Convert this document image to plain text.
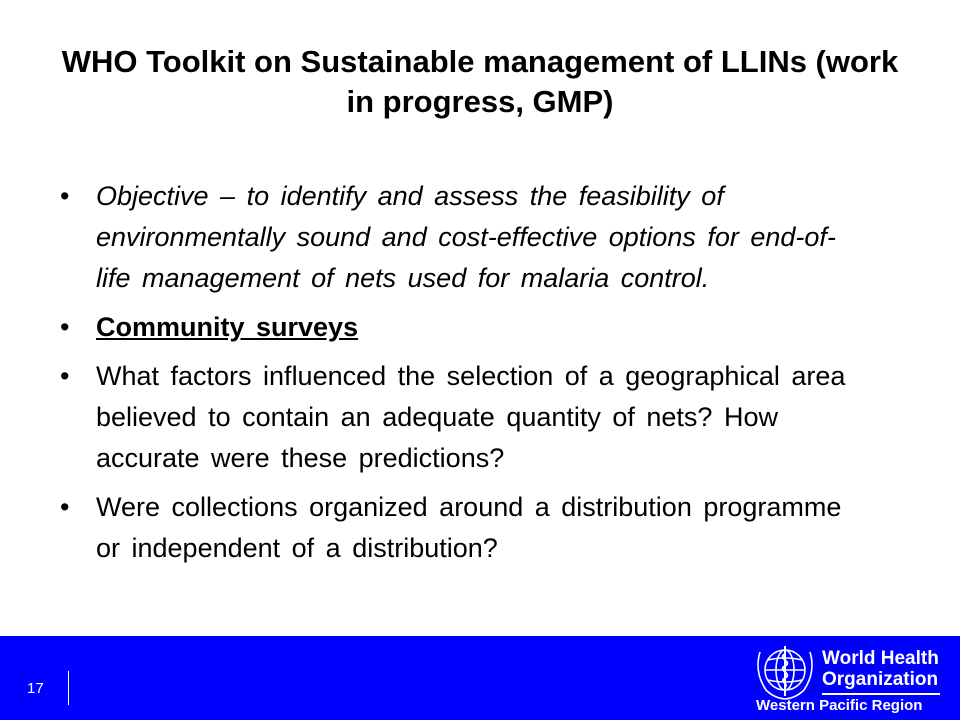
WHO Toolkit on Sustainable management of LLINs (work in progress, GMP)
• Objective – to identify and assess the feasibility of environmentally sound and cost-effective options for end-of-life management of nets used for malaria control.
• Community surveys
• What factors influenced the selection of a geographical area believed to contain an adequate quantity of nets? How accurate were these predictions?
• Were collections organized around a distribution programme or independent of a distribution?
17
World Health
Organization
Western Pacific Region
